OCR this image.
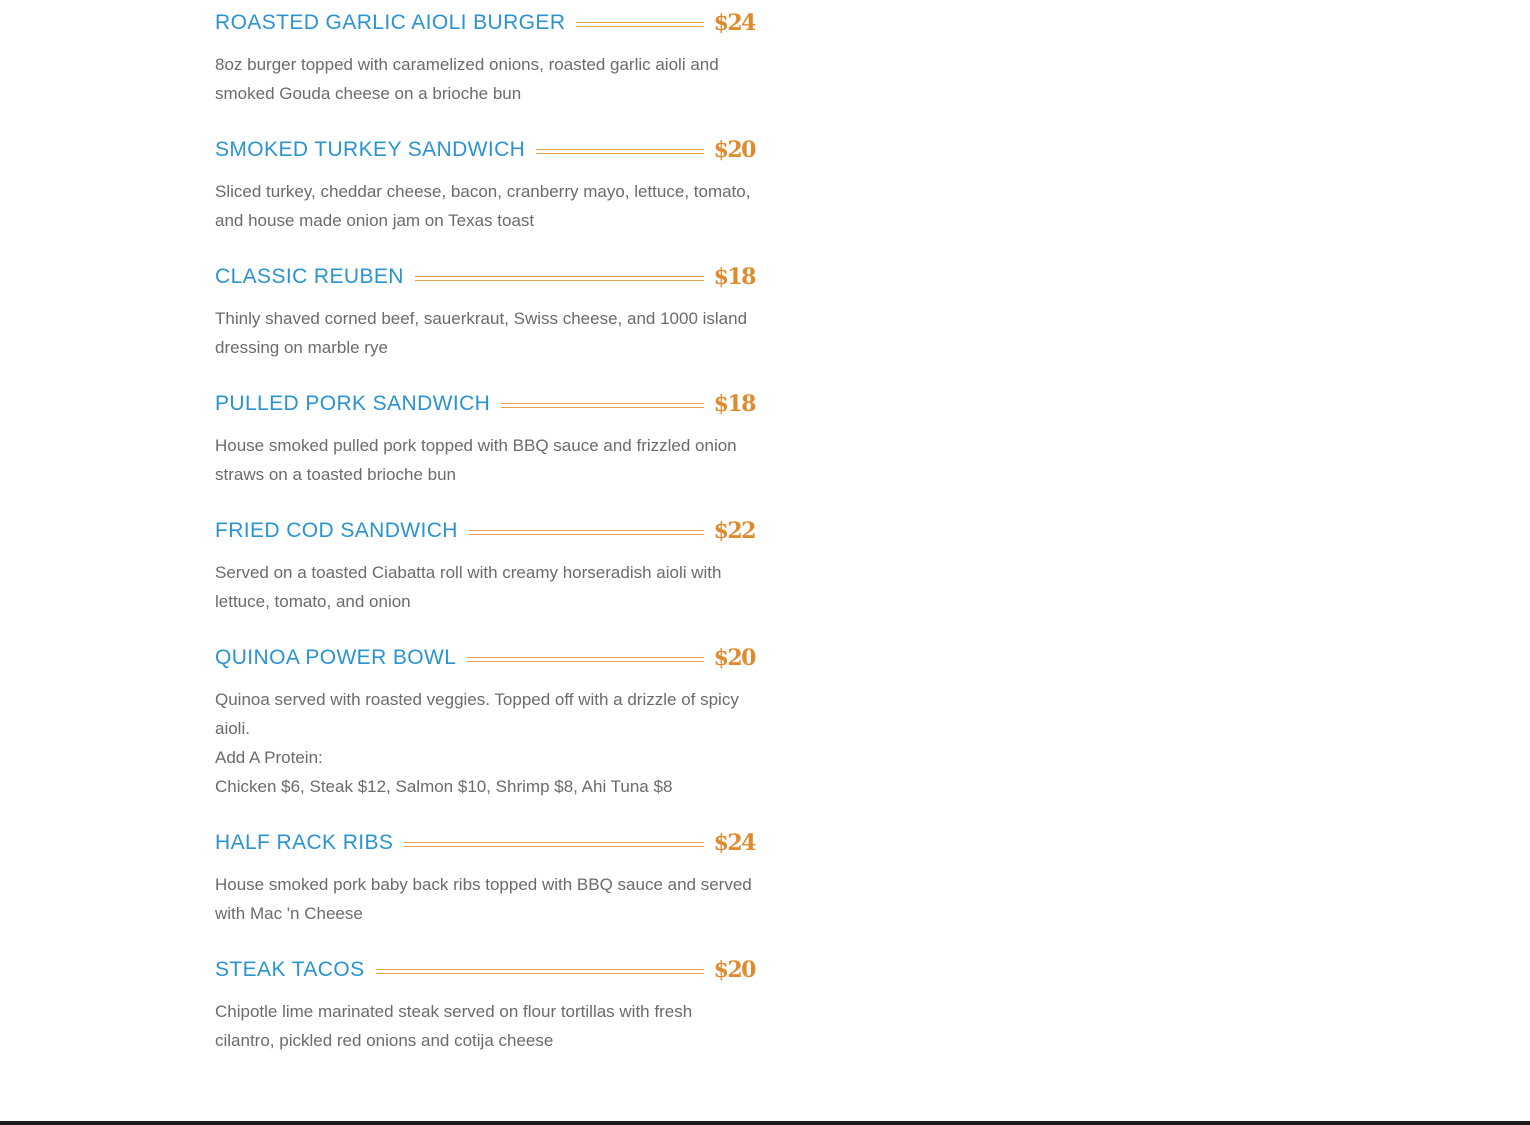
ROASTED GARLIC AIOLI BURGER	$24
8oz burger topped with caramelized onions, roasted garlic aioli and smoked Gouda cheese on a brioche bun
SMOKED TURKEY SANDWICH	$20
Sliced turkey, cheddar cheese, bacon, cranberry mayo, lettuce, tomato, and house made onion jam on Texas toast
CLASSIC REUBEN	$18
Thinly shaved corned beef, sauerkraut, Swiss cheese, and 1000 island dressing on marble rye
PULLED PORK SANDWICH	$18
House smoked pulled pork topped with BBQ sauce and frizzled onion straws on a toasted brioche bun
FRIED COD SANDWICH	$22
Served on a toasted Ciabatta roll with creamy horseradish aioli with lettuce, tomato, and onion
QUINOA POWER BOWL	$20
Quinoa served with roasted veggies. Topped off with a drizzle of spicy aioli.
Add A Protein:
Chicken $6, Steak $12, Salmon $10, Shrimp $8, Ahi Tuna $8
HALF RACK RIBS	$24
House smoked pork baby back ribs topped with BBQ sauce and served with Mac 'n Cheese
STEAK TACOS	$20
Chipotle lime marinated steak served on flour tortillas with fresh cilantro, pickled red onions and cotija cheese
